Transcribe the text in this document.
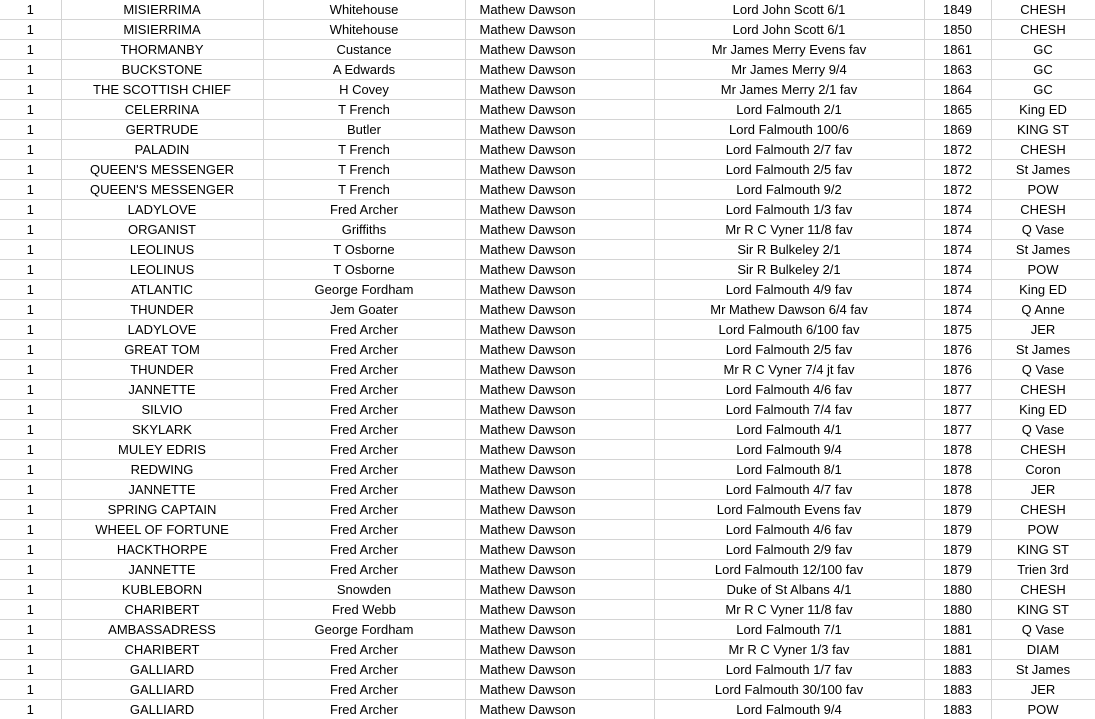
1	MISIERRIMA	Whitehouse	Mathew Dawson	Lord John Scott 6/1	1849	CHESH
1	MISIERRIMA	Whitehouse	Mathew Dawson	Lord John Scott 6/1	1850	CHESH
1	THORMANBY	Custance	Mathew Dawson	Mr James Merry Evens fav	1861	GC
1	BUCKSTONE	A Edwards	Mathew Dawson	Mr James Merry 9/4	1863	GC
1	THE SCOTTISH CHIEF	H Covey	Mathew Dawson	Mr James Merry 2/1 fav	1864	GC
1	CELERRINA	T French	Mathew Dawson	Lord Falmouth 2/1	1865	King ED
1	GERTRUDE	Butler	Mathew Dawson	Lord Falmouth 100/6	1869	KING ST
1	PALADIN	T French	Mathew Dawson	Lord Falmouth 2/7 fav	1872	CHESH
1	QUEEN'S MESSENGER	T French	Mathew Dawson	Lord Falmouth 2/5 fav	1872	St James
1	QUEEN'S MESSENGER	T French	Mathew Dawson	Lord Falmouth 9/2	1872	POW
1	LADYLOVE	Fred Archer	Mathew Dawson	Lord Falmouth 1/3 fav	1874	CHESH
1	ORGANIST	Griffiths	Mathew Dawson	Mr R C Vyner 11/8 fav	1874	Q Vase
1	LEOLINUS	T Osborne	Mathew Dawson	Sir R Bulkeley 2/1	1874	St James
1	LEOLINUS	T Osborne	Mathew Dawson	Sir R Bulkeley 2/1	1874	POW
1	ATLANTIC	George Fordham	Mathew Dawson	Lord Falmouth 4/9 fav	1874	King ED
1	THUNDER	Jem Goater	Mathew Dawson	Mr Mathew Dawson 6/4 fav	1874	Q Anne
1	LADYLOVE	Fred Archer	Mathew Dawson	Lord Falmouth 6/100 fav	1875	JER
1	GREAT TOM	Fred Archer	Mathew Dawson	Lord Falmouth 2/5 fav	1876	St James
1	THUNDER	Fred Archer	Mathew Dawson	Mr R C Vyner 7/4 jt fav	1876	Q Vase
1	JANNETTE	Fred Archer	Mathew Dawson	Lord Falmouth 4/6 fav	1877	CHESH
1	SILVIO	Fred Archer	Mathew Dawson	Lord Falmouth 7/4 fav	1877	King ED
1	SKYLARK	Fred Archer	Mathew Dawson	Lord Falmouth 4/1	1877	Q Vase
1	MULEY EDRIS	Fred Archer	Mathew Dawson	Lord Falmouth 9/4	1878	CHESH
1	REDWING	Fred Archer	Mathew Dawson	Lord Falmouth 8/1	1878	Coron
1	JANNETTE	Fred Archer	Mathew Dawson	Lord Falmouth 4/7 fav	1878	JER
1	SPRING CAPTAIN	Fred Archer	Mathew Dawson	Lord Falmouth Evens fav	1879	CHESH
1	WHEEL OF FORTUNE	Fred Archer	Mathew Dawson	Lord Falmouth 4/6 fav	1879	POW
1	HACKTHORPE	Fred Archer	Mathew Dawson	Lord Falmouth 2/9 fav	1879	KING ST
1	JANNETTE	Fred Archer	Mathew Dawson	Lord Falmouth 12/100 fav	1879	Trien 3rd
1	KUBLEBORN	Snowden	Mathew Dawson	Duke of St Albans 4/1	1880	CHESH
1	CHARIBERT	Fred Webb	Mathew Dawson	Mr R C Vyner 11/8 fav	1880	KING ST
1	AMBASSADRESS	George Fordham	Mathew Dawson	Lord Falmouth 7/1	1881	Q Vase
1	CHARIBERT	Fred Archer	Mathew Dawson	Mr R C Vyner 1/3 fav	1881	DIAM
1	GALLIARD	Fred Archer	Mathew Dawson	Lord Falmouth 1/7 fav	1883	St James
1	GALLIARD	Fred Archer	Mathew Dawson	Lord Falmouth 30/100 fav	1883	JER
1	GALLIARD	Fred Archer	Mathew Dawson	Lord Falmouth 9/4	1883	POW
